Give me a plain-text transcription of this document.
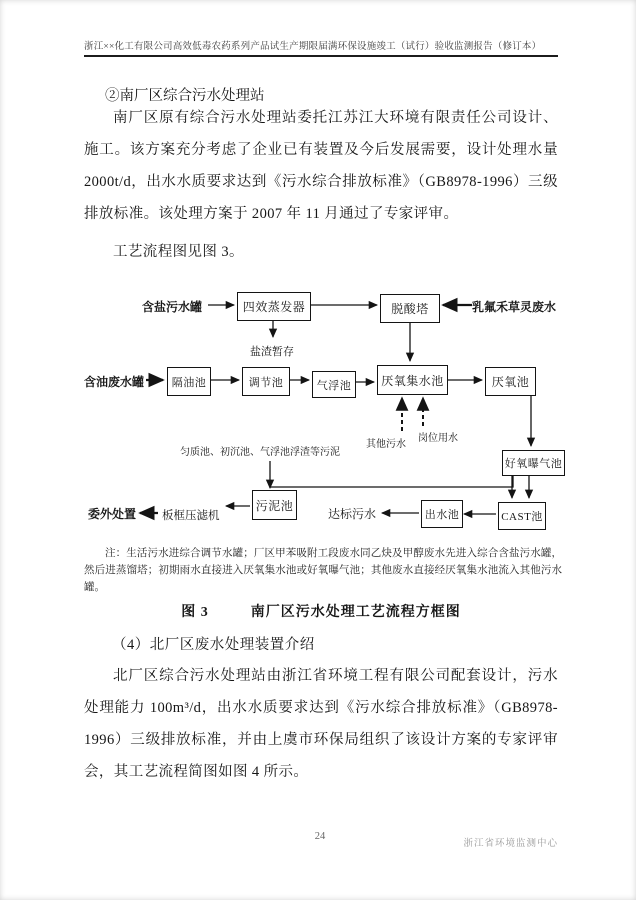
浙江××化工有限公司高效低毒农药系列产品试生产期限届满环保设施竣工（试行）验收监测报告（修订本）
②南厂区综合污水处理站
南厂区原有综合污水处理站委托江苏江大环境有限责任公司设计、施工。该方案充分考虑了企业已有装置及今后发展需要，设计处理水量2000t/d，出水水质要求达到《污水综合排放标准》（GB8978-1996）三级排放标准。该处理方案于 2007 年 11 月通过了专家评审。
工艺流程图见图 3。
四效蒸发器	脱酸塔
隔油池	调节池	气浮池	厌氧集水池	厌氧池
好氧曝气池
污泥池
出水池	CAST池
含盐污水罐	乳氟禾草灵废水
含油废水罐
盐渣暂存
其他污水
岗位用水
匀质池、初沉池、气浮池浮渣等污泥
达标污水
板框压滤机
委外处置
注：生活污水进综合调节水罐；厂区甲苯吸附工段废水同乙炔及甲醇废水先进入综合含盐污水罐，然后进蒸馏塔；初期雨水直接进入厌氧集水池或好氧曝气池；其他废水直接经厌氧集水池流入其他污水罐。
图 3	南厂区污水处理工艺流程方框图
（4）北厂区废水处理装置介绍
北厂区综合污水处理站由浙江省环境工程有限公司配套设计，污水处理能力 100m³/d，出水水质要求达到《污水综合排放标准》（GB8978-1996）三级排放标准，并由上虞市环保局组织了该设计方案的专家评审会，其工艺流程简图如图 4 所示。
24
浙江省环境监测中心
